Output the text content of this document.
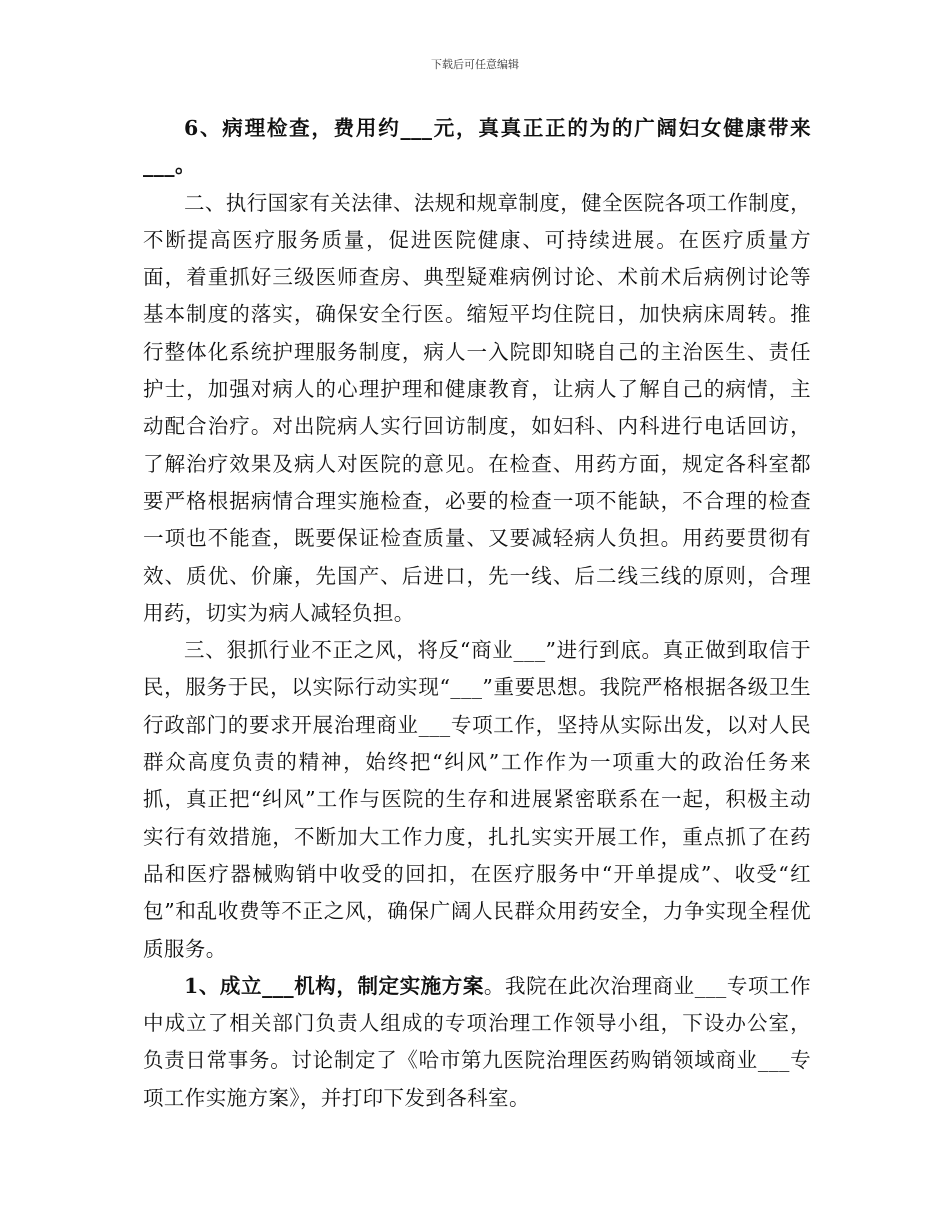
下载后可任意编辑

6、病理检查，费用约___元，真真正正的为的广阔妇女健康带来___。

二、执行国家有关法律、法规和规章制度，健全医院各项工作制度，不断提高医疗服务质量，促进医院健康、可持续进展。在医疗质量方面，着重抓好三级医师查房、典型疑难病例讨论、术前术后病例讨论等基本制度的落实，确保安全行医。缩短平均住院日，加快病床周转。推行整体化系统护理服务制度，病人一入院即知晓自己的主治医生、责任护士，加强对病人的心理护理和健康教育，让病人了解自己的病情，主动配合治疗。对出院病人实行回访制度，如妇科、内科进行电话回访，了解治疗效果及病人对医院的意见。在检查、用药方面，规定各科室都要严格根据病情合理实施检查，必要的检查一项不能缺，不合理的检查一项也不能查，既要保证检查质量、又要减轻病人负担。用药要贯彻有效、质优、价廉，先国产、后进口，先一线、后二线三线的原则，合理用药，切实为病人减轻负担。

三、狠抓行业不正之风，将反“商业___”进行到底。真正做到取信于民，服务于民，以实际行动实现“___”重要思想。我院严格根据各级卫生行政部门的要求开展治理商业___专项工作，坚持从实际出发，以对人民群众高度负责的精神，始终把“纠风”工作作为一项重大的政治任务来抓，真正把“纠风”工作与医院的生存和进展紧密联系在一起，积极主动实行有效措施，不断加大工作力度，扎扎实实开展工作，重点抓了在药品和医疗器械购销中收受的回扣，在医疗服务中“开单提成”、收受“红包”和乱收费等不正之风，确保广阔人民群众用药安全，力争实现全程优质服务。

1、成立___机构，制定实施方案。我院在此次治理商业___专项工作中成立了相关部门负责人组成的专项治理工作领导小组，下设办公室，负责日常事务。讨论制定了《哈市第九医院治理医药购销领域商业___专项工作实施方案》，并打印下发到各科室。
